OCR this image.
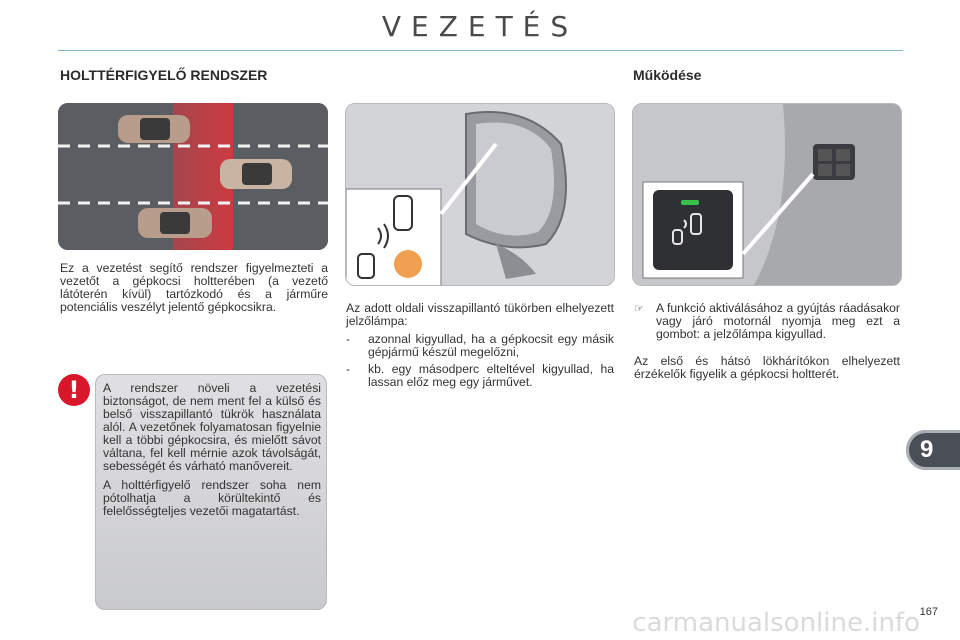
VEZETÉS
HOLTTÉRFIGYELŐ RENDSZER

Ez a vezetést segítő rendszer figyelmezteti a vezetőt a gépkocsi holtterében (a vezető látóterén kívül) tartózkodó és a járműre potenciális veszélyt jelentő gépkocsikra.

!	A rendszer növeli a vezetési biztonságot, de nem ment fel a külső és belső visszapillantó tükrök használata alól. A vezetőnek folyamatosan figyelnie kell a többi gépkocsira, és mielőtt sávot váltana, fel kell mérnie azok távolságát, sebességét és várható manővereit.

A holttérfigyelő rendszer soha nem pótolhatja a körültekintő és felelősségteljes vezetői magatartást.

Az adott oldali visszapillantó tükörben elhelyezett jelzőlámpa:

-	azonnal kigyullad, ha a gépkocsit egy másik gépjármű készül megelőzni,
-	kb. egy másodperc elteltével kigyullad, ha lassan előz meg egy járművet.
Működése
☞ A funkció aktiválásához a gyújtás ráadásakor vagy járó motornál nyomja meg ezt a gombot: a jelzőlámpa kigyullad.

Az első és hátsó lökhárítókon elhelyezett érzékelők figyelik a gépkocsi holtterét.

9
167
carmanualsonline.info
